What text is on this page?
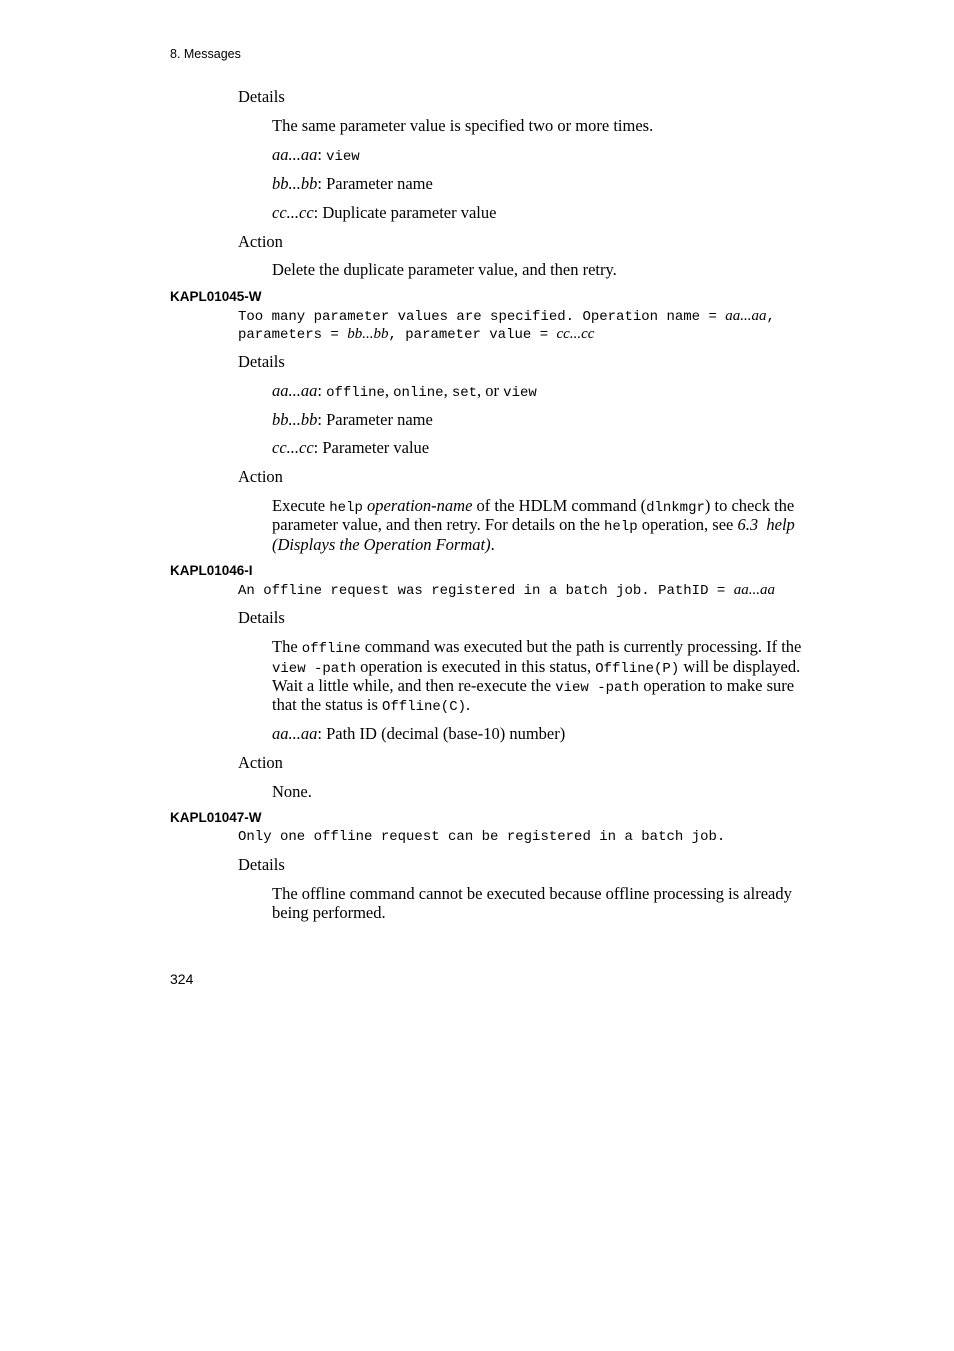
8. Messages
Details
The same parameter value is specified two or more times.
aa...aa: view
bb...bb: Parameter name
cc...cc: Duplicate parameter value
Action
Delete the duplicate parameter value, and then retry.
KAPL01045-W
Too many parameter values are specified. Operation name = aa...aa,
parameters = bb...bb, parameter value = cc...cc
Details
aa...aa: offline, online, set, or view
bb...bb: Parameter name
cc...cc: Parameter value
Action
Execute help operation-name of the HDLM command (dlnkmgr) to check the
parameter value, and then retry. For details on the help operation, see 6.3  help
(Displays the Operation Format).
KAPL01046-I
An offline request was registered in a batch job. PathID = aa...aa
Details
The offline command was executed but the path is currently processing. If the
view -path operation is executed in this status, Offline(P) will be displayed.
Wait a little while, and then re-execute the view -path operation to make sure
that the status is Offline(C).
aa...aa: Path ID (decimal (base-10) number)
Action
None.
KAPL01047-W
Only one offline request can be registered in a batch job.
Details
The offline command cannot be executed because offline processing is already
being performed.
324
